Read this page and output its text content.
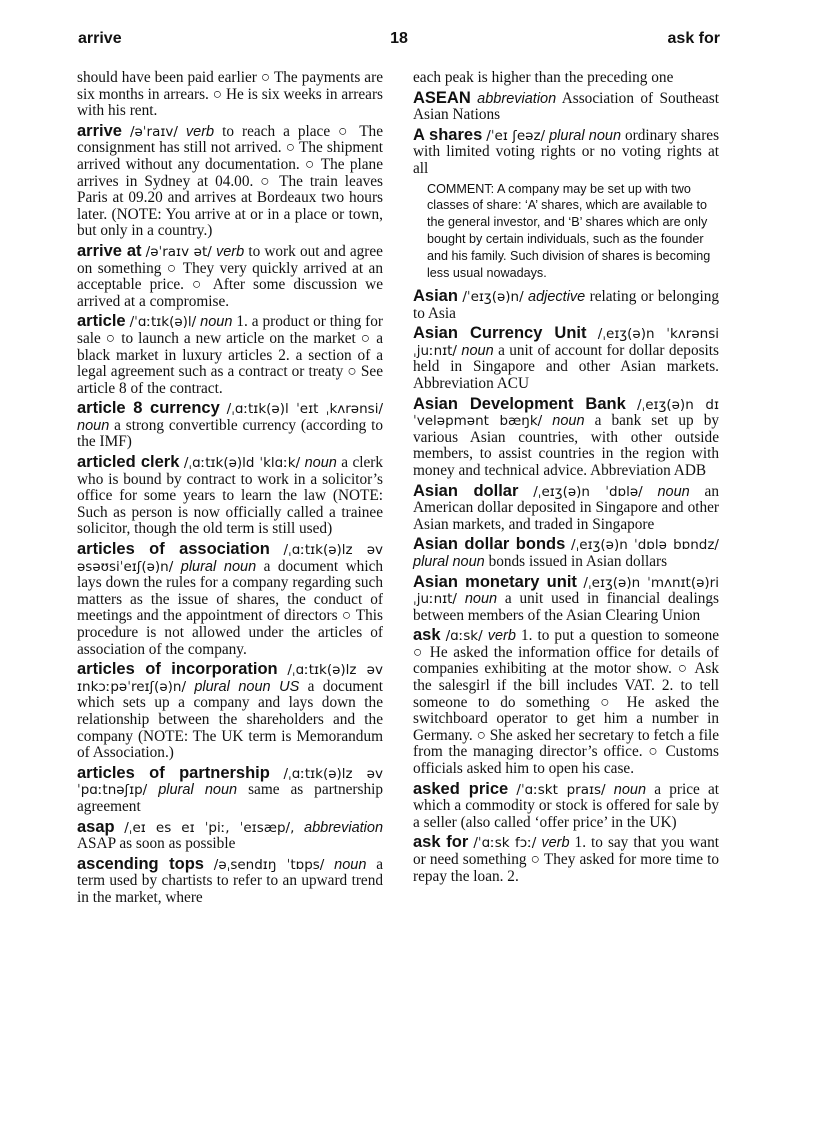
arrive	18	ask for

should have been paid earlier ○ The payments are six months in arrears. ○ He is six weeks in arrears with his rent.

arrive /əˈraɪv/ verb to reach a place ○ The consignment has still not arrived. ○ The shipment arrived without any documentation. ○ The plane arrives in Sydney at 04.00. ○ The train leaves Paris at 09.20 and arrives at Bordeaux two hours later. (NOTE: You arrive at or in a place or town, but only in a country.)

arrive at /əˈraɪv ət/ verb to work out and agree on something ○ They very quickly arrived at an acceptable price. ○ After some discussion we arrived at a compromise.

article /ˈɑːtɪk(ə)l/ noun 1. a product or thing for sale ○ to launch a new article on the market ○ a black market in luxury articles 2. a section of a legal agreement such as a contract or treaty ○ See article 8 of the contract.

article 8 currency /ˌɑːtɪk(ə)l ˈeɪt ˌkʌrənsi/ noun a strong convertible currency (according to the IMF)

articled clerk /ˌɑːtɪk(ə)ld ˈklɑːk/ noun a clerk who is bound by contract to work in a solicitor’s office for some years to learn the law (NOTE: Such as person is now officially called a trainee solicitor, though the old term is still used)

articles of association /ˌɑːtɪk(ə)lz əv əsəʊsiˈeɪʃ(ə)n/ plural noun a document which lays down the rules for a company regarding such matters as the issue of shares, the conduct of meetings and the appointment of directors ○ This procedure is not allowed under the articles of association of the company.

articles of incorporation /ˌɑːtɪk(ə)lz əv ɪnkɔːpəˈreɪʃ(ə)n/ plural noun US a document which sets up a company and lays down the relationship between the shareholders and the company (NOTE: The UK term is Memorandum of Association.)

articles of partnership /ˌɑːtɪk(ə)lz əv ˈpɑːtnəʃɪp/ plural noun same as partnership agreement

asap /ˌeɪ es eɪ ˈpiː, ˈeɪsæp/, abbreviation ASAP as soon as possible

ascending tops /əˌsendɪŋ ˈtɒps/ noun a term used by chartists to refer to an upward trend in the market, where

each peak is higher than the preceding one

ASEAN abbreviation Association of Southeast Asian Nations

A shares /ˈeɪ ʃeəz/ plural noun ordinary shares with limited voting rights or no voting rights at all

COMMENT: A company may be set up with two classes of share: ‘A’ shares, which are available to the general investor, and ‘B’ shares which are only bought by certain individuals, such as the founder and his family. Such division of shares is becoming less usual nowadays.

Asian /ˈeɪʒ(ə)n/ adjective relating or belonging to Asia

Asian Currency Unit /ˌeɪʒ(ə)n ˈkʌrənsi ˌjuːnɪt/ noun a unit of account for dollar deposits held in Singapore and other Asian markets. Abbreviation ACU

Asian Development Bank /ˌeɪʒ(ə)n dɪˈveləpmənt bæŋk/ noun a bank set up by various Asian countries, with other outside members, to assist countries in the region with money and technical advice. Abbreviation ADB

Asian dollar /ˌeɪʒ(ə)n ˈdɒlə/ noun an American dollar deposited in Singapore and other Asian markets, and traded in Singapore

Asian dollar bonds /ˌeɪʒ(ə)n ˈdɒlə bɒndz/ plural noun bonds issued in Asian dollars

Asian monetary unit /ˌeɪʒ(ə)n ˈmʌnɪt(ə)ri ˌjuːnɪt/ noun a unit used in financial dealings between members of the Asian Clearing Union

ask /ɑːsk/ verb 1. to put a question to someone ○ He asked the information office for details of companies exhibiting at the motor show. ○ Ask the salesgirl if the bill includes VAT. 2. to tell someone to do something ○ He asked the switchboard operator to get him a number in Germany. ○ She asked her secretary to fetch a file from the managing director’s office. ○ Customs officials asked him to open his case.

asked price /ˈɑːskt praɪs/ noun a price at which a commodity or stock is offered for sale by a seller (also called ‘offer price’ in the UK)

ask for /ˈɑːsk fɔː/ verb 1. to say that you want or need something ○ They asked for more time to repay the loan. 2.
